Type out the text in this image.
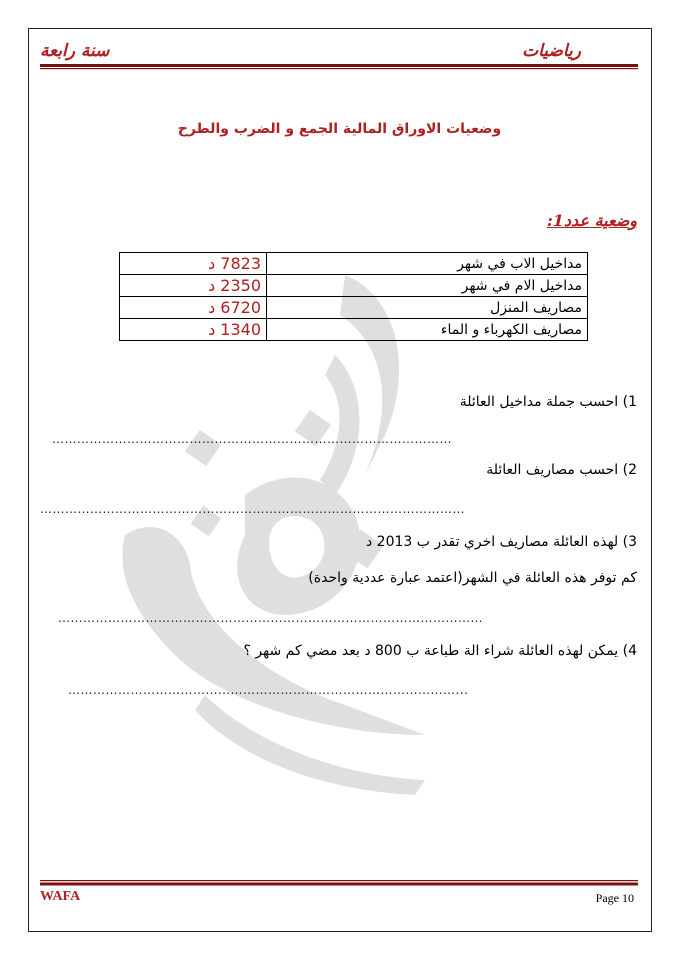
رياضيات
سنة رابعة
وضعيات الاوراق المالية الجمع و الضرب والطرح
وضعية عدد1:
مداخيل الاب في شهر	7823 د
مداخيل الام في شهر	2350 د
مصاريف المنزل	6720 د
مصاريف الكهرباء و الماء	1340 د
1) احسب جملة مداخيل العائلة
……………………………………………………………………………………
2) احسب مصاريف العائلة
…………………………………………………………………………………………
3) لهذه العائلة مصاريف اخري تقدر ب 2013 د
كم توفر هذه العائلة في الشهر(اعتمد عبارة عددية واحدة)
…………………………………………………………………………………………
4) يمكن لهذه العائلة شراء الة طباعة ب 800 د بعد مضي كم شهر ؟
…………………………………………………………………………………...
WAFA	Page 10
